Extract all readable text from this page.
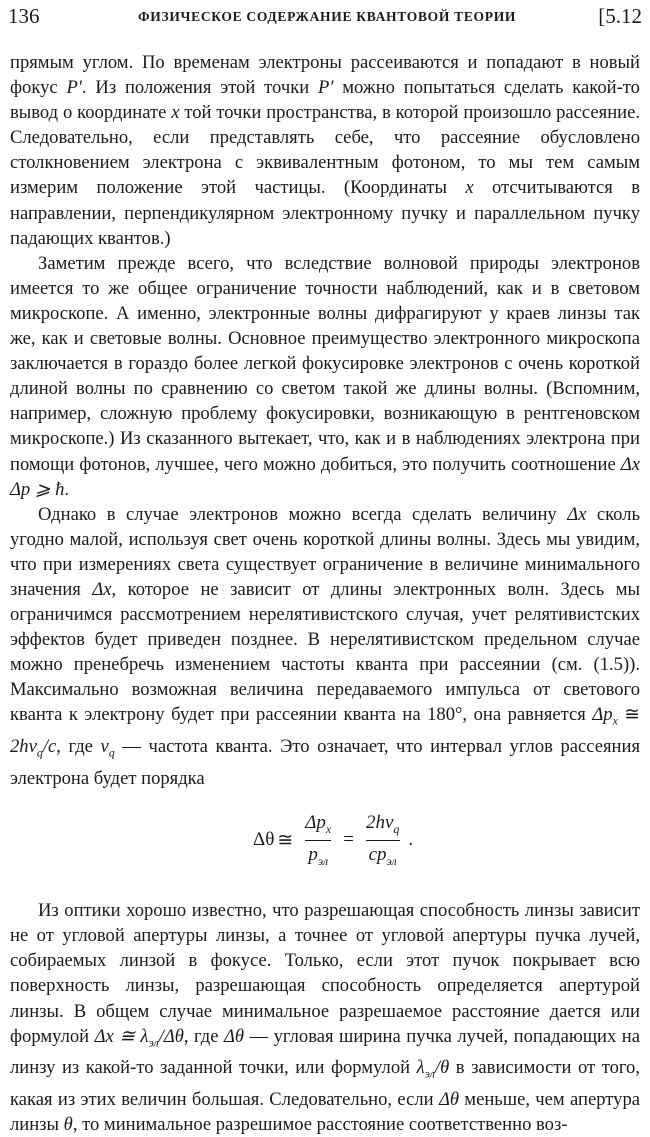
136	ФИЗИЧЕСКОЕ СОДЕРЖАНИЕ КВАНТОВОЙ ТЕОРИИ	[5.12

прямым углом. По временам электроны рассеиваются и попадают в новый фокус P′. Из положения этой точки P′ можно попытаться сделать какой-то вывод о координате x той точки пространства, в которой произошло рассеяние. Следовательно, если представлять себе, что рассеяние обусловлено столкновением электрона с эквивалентным фотоном, то мы тем самым измерим положение этой частицы. (Координаты x отсчитываются в направлении, перпендикулярном электронному пучку и параллельном пучку падающих квантов.)

Заметим прежде всего, что вследствие волновой природы электронов имеется то же общее ограничение точности наблюдений, как и в световом микроскопе. А именно, электронные волны дифрагируют у краев линзы так же, как и световые волны. Основное преимущество электронного микроскопа заключается в гораздо более легкой фокусировке электронов с очень короткой длиной волны по сравнению со светом такой же длины волны. (Вспомним, например, сложную проблему фокусировки, возникающую в рентгеновском микроскопе.) Из сказанного вытекает, что, как и в наблюдениях электрона при помощи фотонов, лучшее, чего можно добиться, это получить соотношение Δx Δp ⩾ ħ.

Однако в случае электронов можно всегда сделать величину Δx сколь угодно малой, используя свет очень короткой длины волны. Здесь мы увидим, что при измерениях света существует ограничение в величине минимального значения Δx, которое не зависит от длины электронных волн. Здесь мы ограничимся рассмотрением нерелятивистского случая, учет релятивистских эффектов будет приведен позднее. В нерелятивистском предельном случае можно пренебречь изменением частоты кванта при рассеянии (см. (1.5)). Максимально возможная величина передаваемого импульса от светового кванта к электрону будет при рассеянии кванта на 180°, она равняется $\Delta p_x$ ≅ $2h\nu_q/c$, где $\nu_q$ — частота кванта. Это означает, что интервал углов рассеяния электрона будет порядка

Δθ ≅ $\frac{\Delta p_x}{p_{эл}} = \frac{2h\nu_q}{cp_{эл}}$ .

Из оптики хорошо известно, что разрешающая способность линзы зависит не от угловой апертуры линзы, а точнее от угловой апертуры пучка лучей, собираемых линзой в фокусе. Только, если этот пучок покрывает всю поверхность линзы, разрешающая способность определяется апертурой линзы. В общем случае минимальное разрешаемое расстояние дается или формулой Δx ≅ $\lambda_{эл}/\Delta\theta$, где Δθ — угловая ширина пучка лучей, попадающих на линзу из какой-то заданной точки, или формулой $\lambda_{эл}/\theta$ в зависимости от того, какая из этих величин большая. Следовательно, если Δθ меньше, чем апертура линзы θ, то минимальное разрешимое расстояние соответственно воз-
